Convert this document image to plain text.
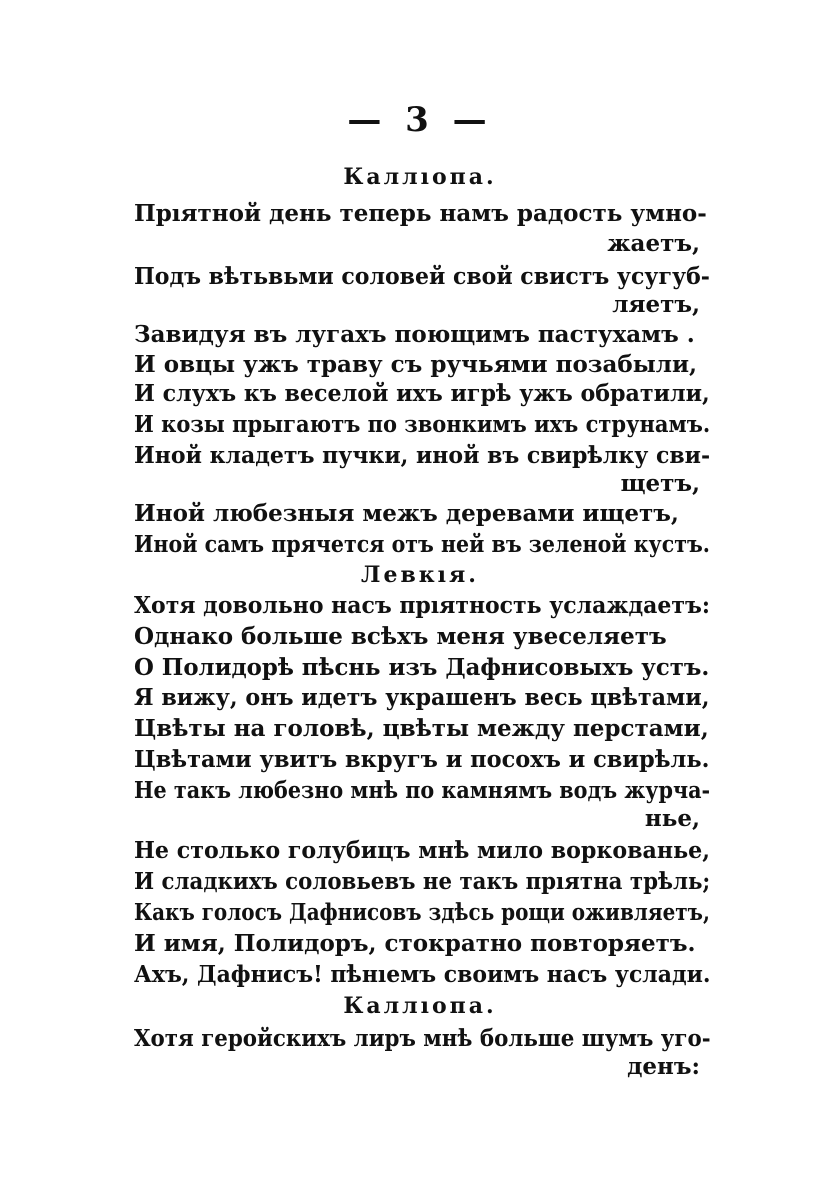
— 3 —
Каллıопа.
Прıятной день теперь намъ радость умно-
жаетъ,
Подъ вѣтьвьми соловей свой свистъ усугуб-
ляетъ,
Завидуя въ лугахъ поющимъ пастухамъ .
И овцы ужъ траву съ ручьями позабыли,
И слухъ къ веселой ихъ игрѣ ужъ обратили,
И козы прыгаютъ по звонкимъ ихъ струнамъ.
Иной кладетъ пучки, иной въ свирѣлку сви-
щетъ,
Иной любезныя межъ деревами ищетъ,
Иной самъ прячется отъ ней въ зеленой кустъ.
Левкıя.
Хотя довольно насъ прıятность услаждаетъ:
Однако больше всѣхъ меня увеселяетъ
О Полидорѣ пѣснь изъ Дафнисовыхъ устъ.
Я вижу, онъ идетъ украшенъ весь цвѣтами,
Цвѣты на головѣ, цвѣты между перстами,
Цвѣтами увитъ вкругъ и посохъ и свирѣль.
Не такъ любезно мнѣ по камнямъ водъ журча-
нье,
Не столько голубицъ мнѣ мило воркованье,
И сладкихъ соловьевъ не такъ прıятна трѣль;
Какъ голосъ Дафнисовъ здѣсь рощи оживляетъ,
И имя, Полидоръ, стократно повторяетъ.
Ахъ, Дафнисъ! пѣнıемъ своимъ насъ услади.
Каллıопа.
Хотя геройскихъ лиръ мнѣ больше шумъ уго-
денъ:
